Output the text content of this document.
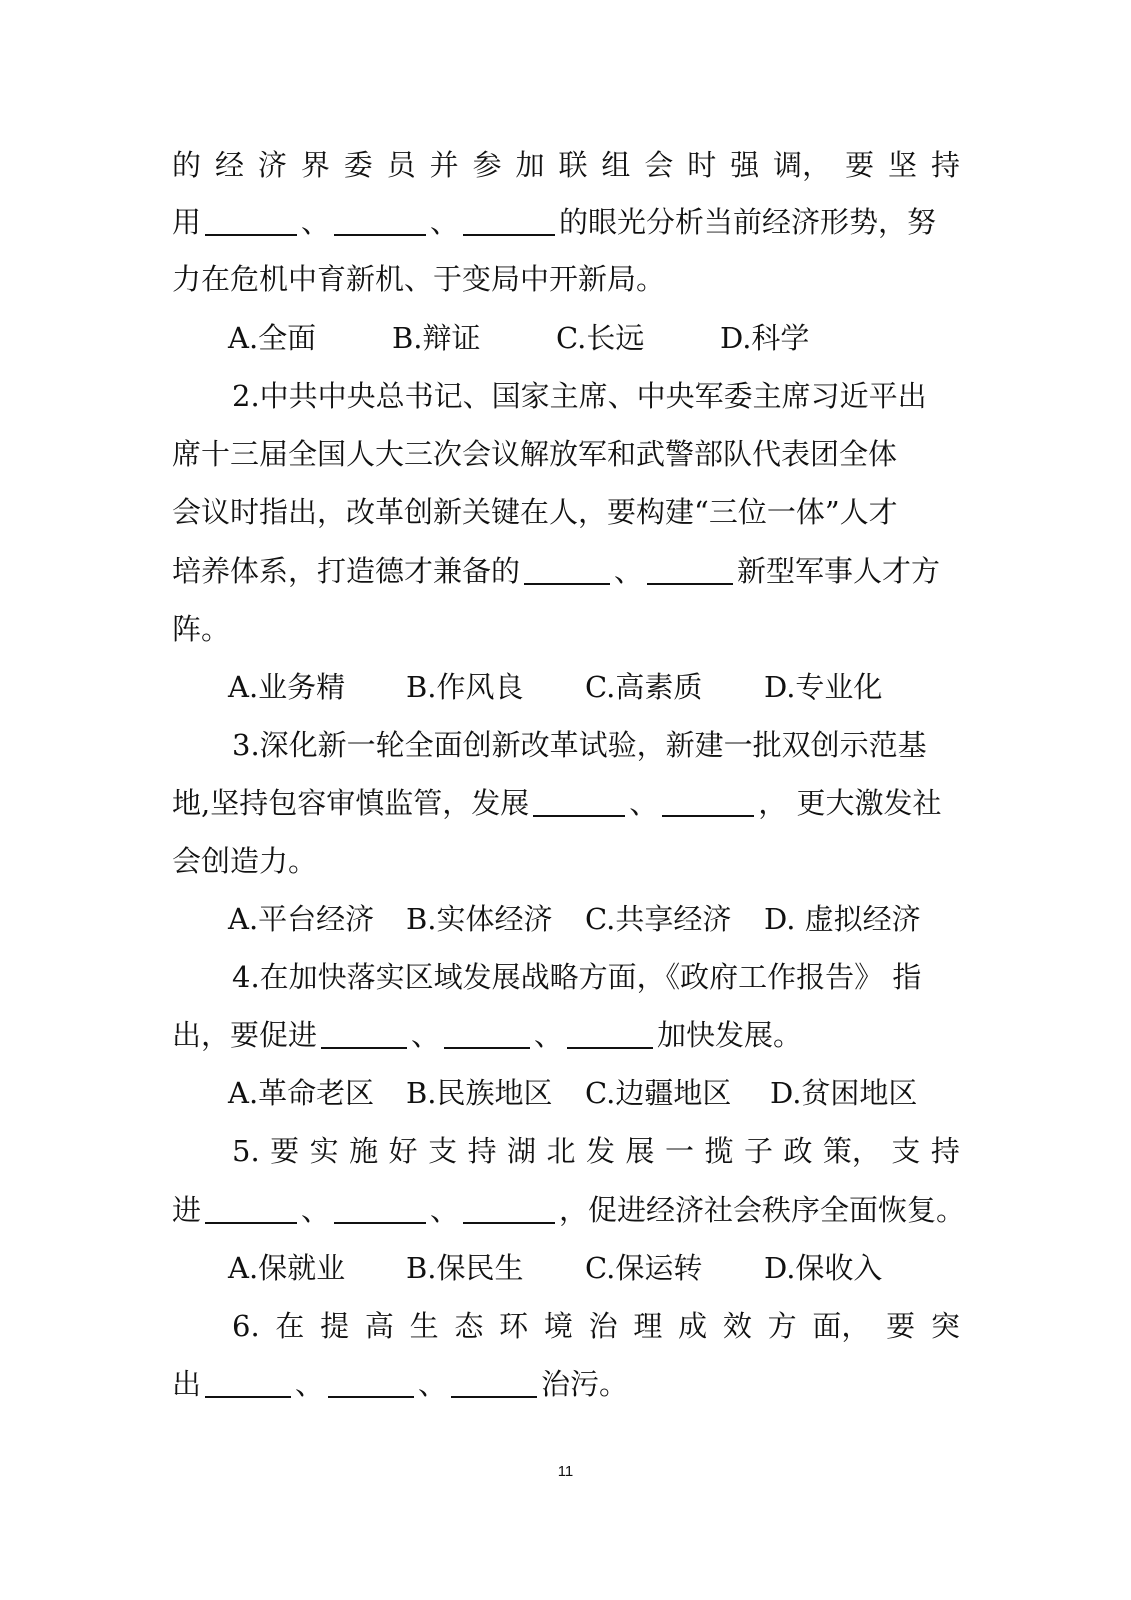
的 经 济 界 委 员 并 参 加 联 组 会 时 强 调， 要 坚 持
用	、	、	的眼光分析当前经济形势，努
力在危机中育新机、于变局中开新局。
A.全面	B.辩证	C.长远	D.科学
2.中共中央总书记、国家主席、中央军委主席习近平出
席十三届全国人大三次会议解放军和武警部队代表团全体
会议时指出，改革创新关键在人，要构建“三位一体”人才
培养体系，打造德才兼备的	、	新型军事人才方
阵。
A.业务精 B.作风良 C.高素质 D.专业化
3.深化新一轮全面创新改革试验，新建一批双创示范基
地,坚持包容审慎监管，发展	、	， 更大激发社
会创造力。
A.平台经济 B.实体经济 C.共享经济 D. 虚拟经济
4.在加快落实区域发展战略方面，《政府工作报告》 指
出，要促进	、	、	加快发展。
A.革命老区 B.民族地区 C.边疆地区 D.贫困地区
5. 要 实 施 好 支 持 湖 北 发 展 一 揽 子 政 策， 支 持
进	、	、	，促进经济社会秩序全面恢复。
A.保就业 B.保民生 C.保运转 D.保收入
6. 在 提 高 生 态 环 境 治 理 成 效 方 面， 要 突
出	、	、	治污。
11
